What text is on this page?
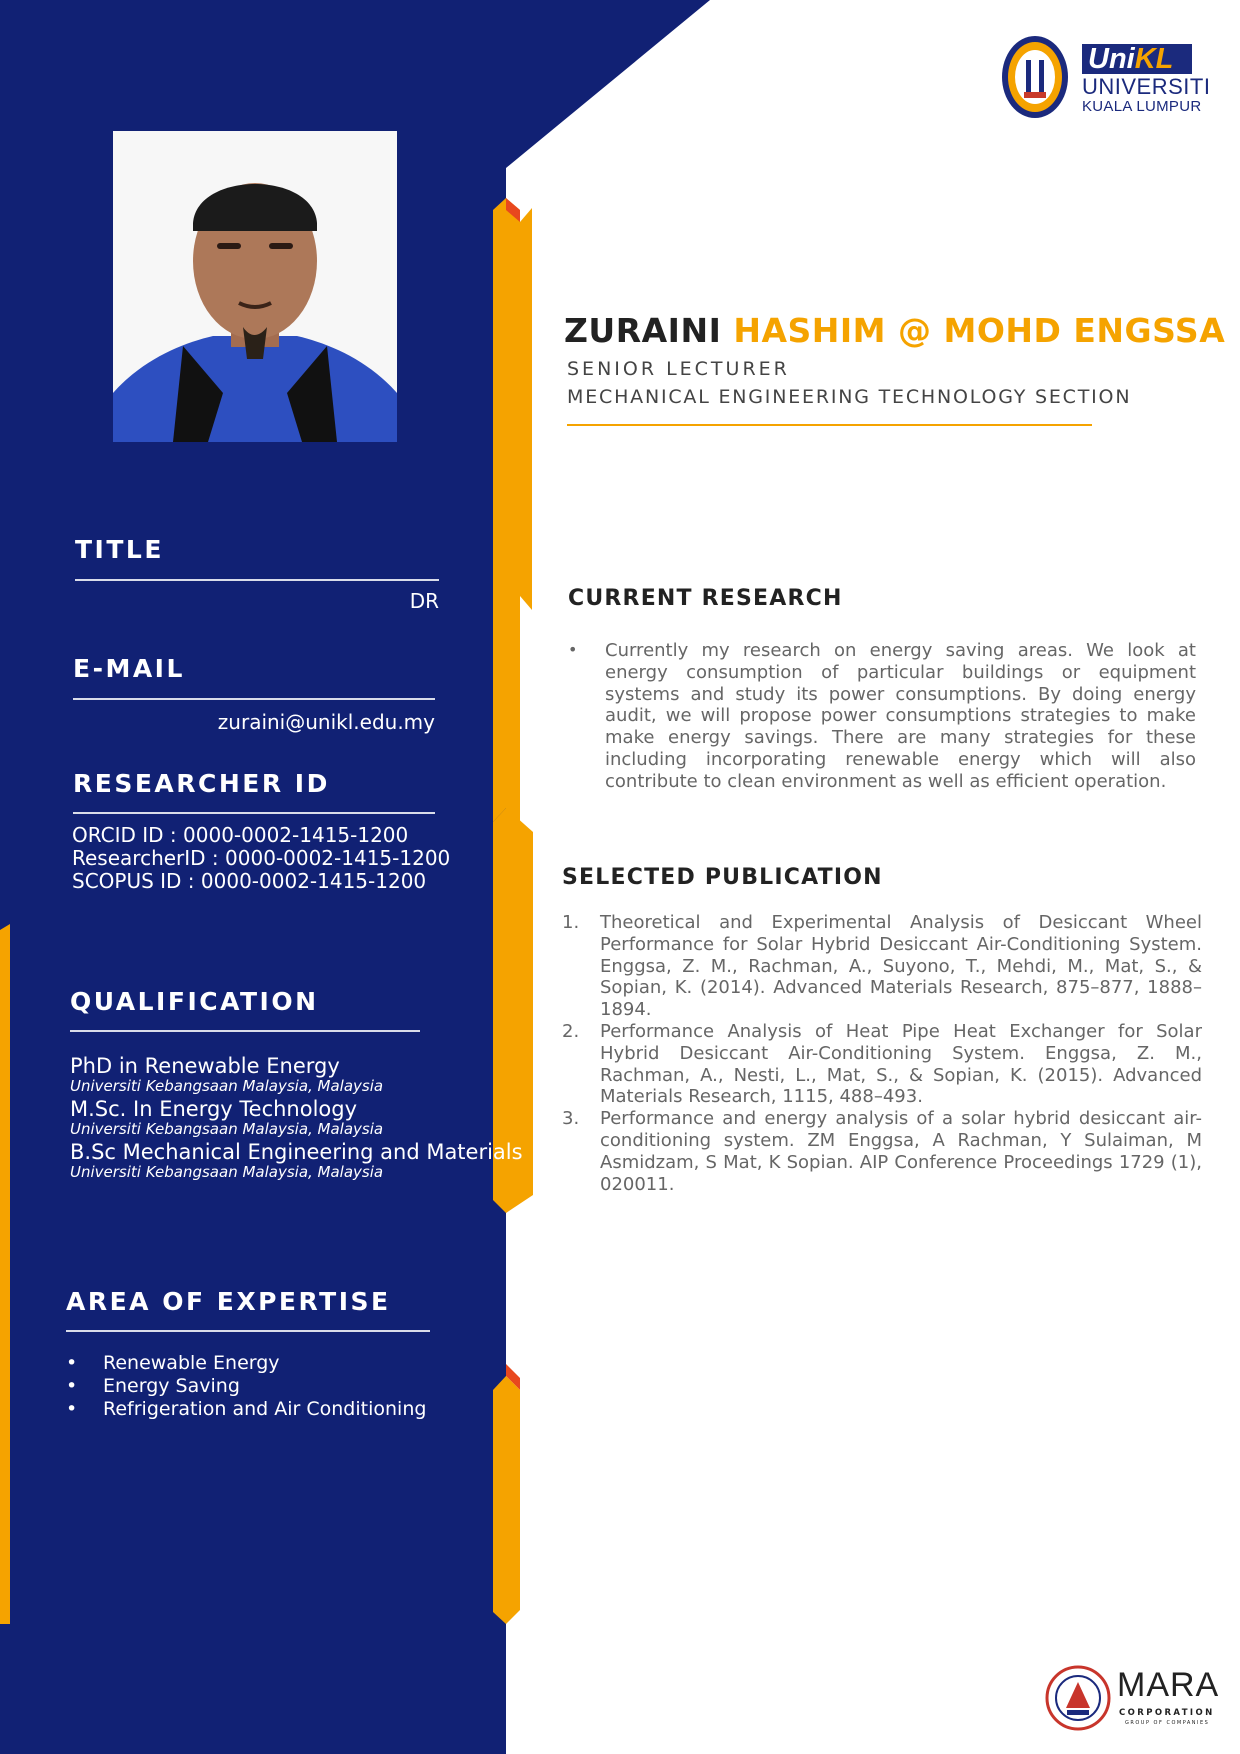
UniKL
UNIVERSITI
KUALA LUMPUR
ZURAINI HASHIM @ MOHD ENGSSA
SENIOR LECTURER
MECHANICAL ENGINEERING TECHNOLOGY SECTION
TITLE
DR
E-MAIL
zuraini@unikl.edu.my
RESEARCHER ID
ORCID ID : 0000-0002-1415-1200
ResearcherID : 0000-0002-1415-1200
SCOPUS ID : 0000-0002-1415-1200
QUALIFICATION
PhD in Renewable Energy
Universiti Kebangsaan Malaysia, Malaysia
M.Sc. In Energy Technology
Universiti Kebangsaan Malaysia, Malaysia
B.Sc Mechanical Engineering and Materials
Universiti Kebangsaan Malaysia, Malaysia
AREA OF EXPERTISE
• Renewable Energy
• Energy Saving
• Refrigeration and Air Conditioning
CURRENT RESEARCH
• Currently my research on energy saving areas. We look at energy consumption of particular buildings or equipment systems and study its power consumptions. By doing energy audit, we will propose power consumptions strategies to make make energy savings. There are many strategies for these including incorporating renewable energy which will also contribute to clean environment as well as efficient operation.
SELECTED PUBLICATION
1. Theoretical and Experimental Analysis of Desiccant Wheel Performance for Solar Hybrid Desiccant Air-Conditioning System. Enggsa, Z. M., Rachman, A., Suyono, T., Mehdi, M., Mat, S., & Sopian, K. (2014). Advanced Materials Research, 875–877, 1888–1894.
2. Performance Analysis of Heat Pipe Heat Exchanger for Solar Hybrid Desiccant Air-Conditioning System. Enggsa, Z. M., Rachman, A., Nesti, L., Mat, S., & Sopian, K. (2015). Advanced Materials Research, 1115, 488–493.
3. Performance and energy analysis of a solar hybrid desiccant air-conditioning system. ZM Enggsa, A Rachman, Y Sulaiman, M Asmidzam, S Mat, K Sopian. AIP Conference Proceedings 1729 (1), 020011.
MARA
CORPORATION
GROUP OF COMPANIES
